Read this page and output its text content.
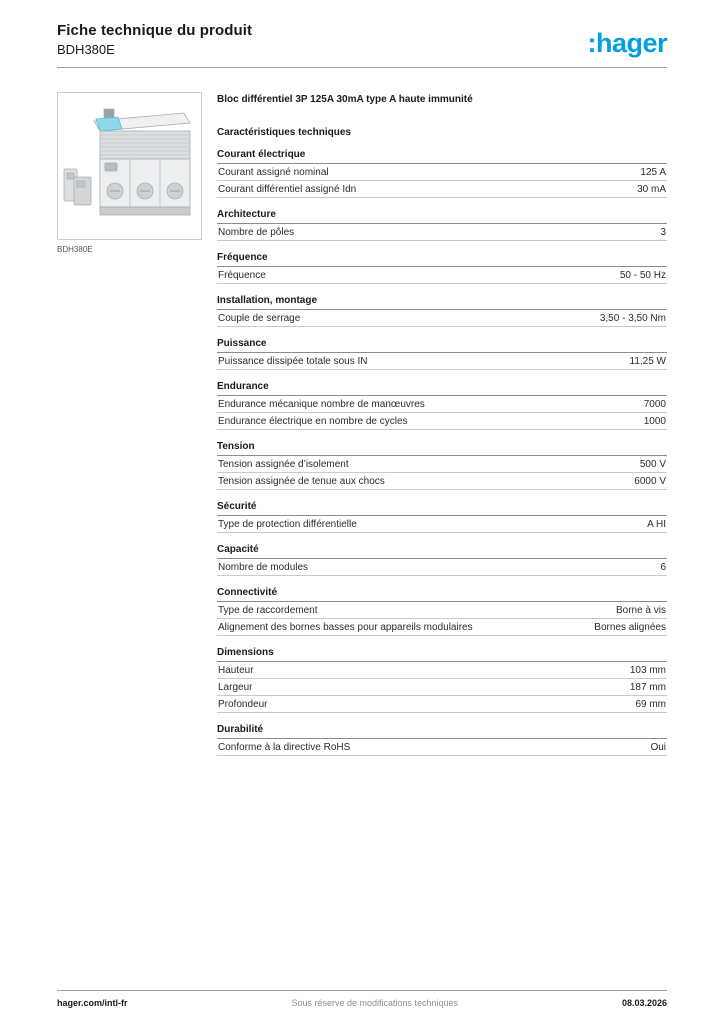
Fiche technique du produit
BDH380E	:hager
BDH380E
Bloc différentiel 3P 125A 30mA type A haute immunité
Caractéristiques techniques
Courant électrique
Courant assigné nominal	125 A
Courant différentiel assigné Idn	30 mA
Architecture
Nombre de pôles	3
Fréquence
Fréquence	50 - 50 Hz
Installation, montage
Couple de serrage	3,50 - 3,50 Nm
Puissance
Puissance dissipée totale sous IN	11,25 W
Endurance
Endurance mécanique nombre de manœuvres	7000
Endurance électrique en nombre de cycles	1000
Tension
Tension assignée d’isolement	500 V
Tension assignée de tenue aux chocs	6000 V
Sécurité
Type de protection différentielle	A HI
Capacité
Nombre de modules	6
Connectivité
Type de raccordement	Borne à vis
Alignement des bornes basses pour appareils modulaires	Bornes alignées
Dimensions
Hauteur	103 mm
Largeur	187 mm
Profondeur	69 mm
Durabilité
Conforme à la directive RoHS	Oui
hager.com/intl-fr	Sous réserve de modifications techniques	08.03.2026
